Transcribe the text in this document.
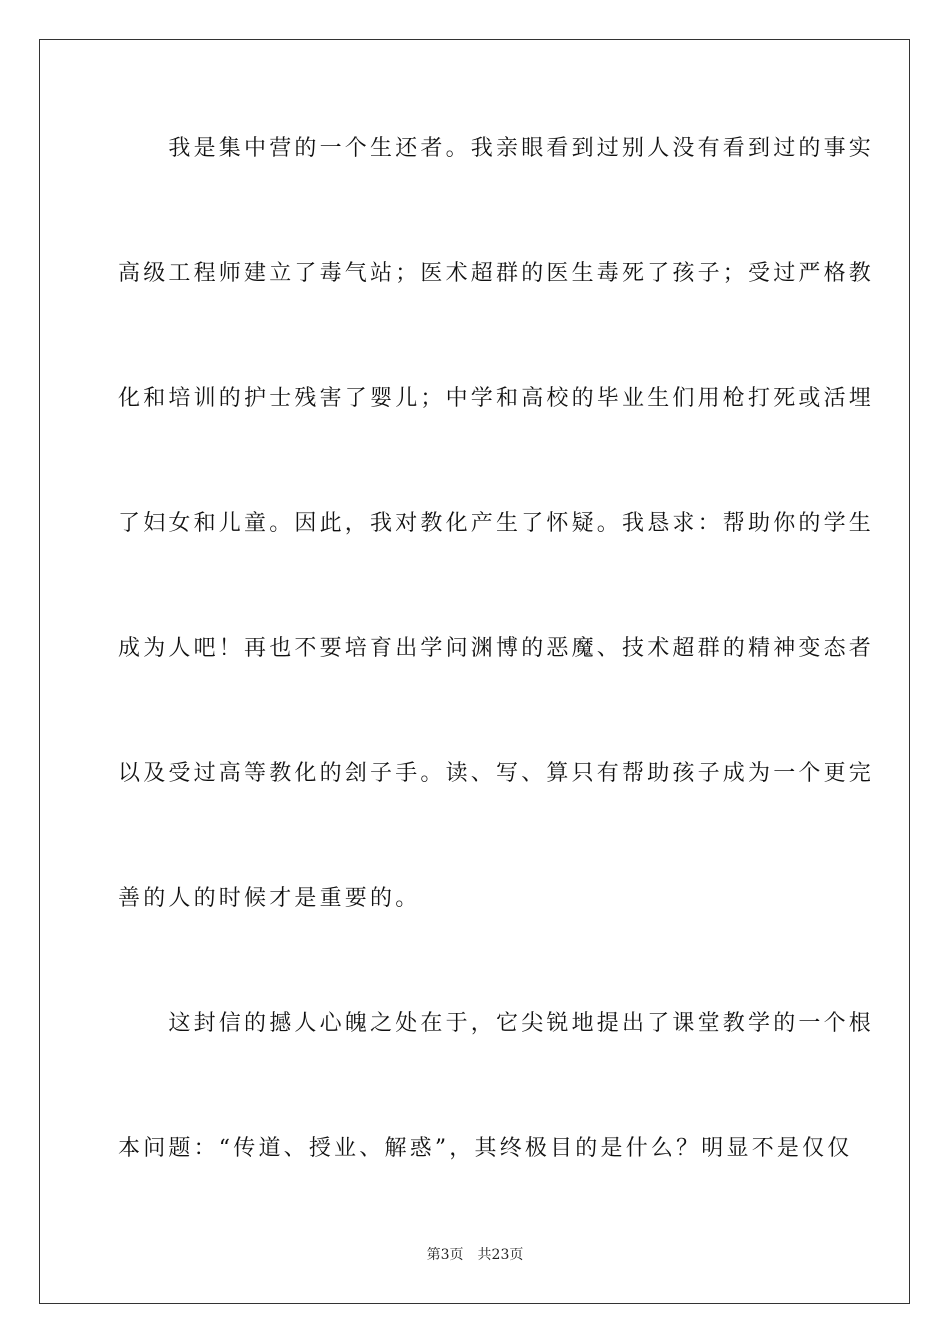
　　我是集中营的一个生还者。我亲眼看到过别人没有看到过的事实
高级工程师建立了毒气站；医术超群的医生毒死了孩子；受过严格教
化和培训的护士残害了婴儿；中学和高校的毕业生们用枪打死或活埋
了妇女和儿童。因此，我对教化产生了怀疑。我恳求：帮助你的学生
成为人吧！再也不要培育出学问渊博的恶魔、技术超群的精神变态者
以及受过高等教化的刽子手。读、写、算只有帮助孩子成为一个更完
善的人的时候才是重要的。
　　这封信的撼人心魄之处在于，它尖锐地提出了课堂教学的一个根
本问题：“传道、授业、解惑”，其终极目的是什么？明显不是仅仅
第3页 共23页
